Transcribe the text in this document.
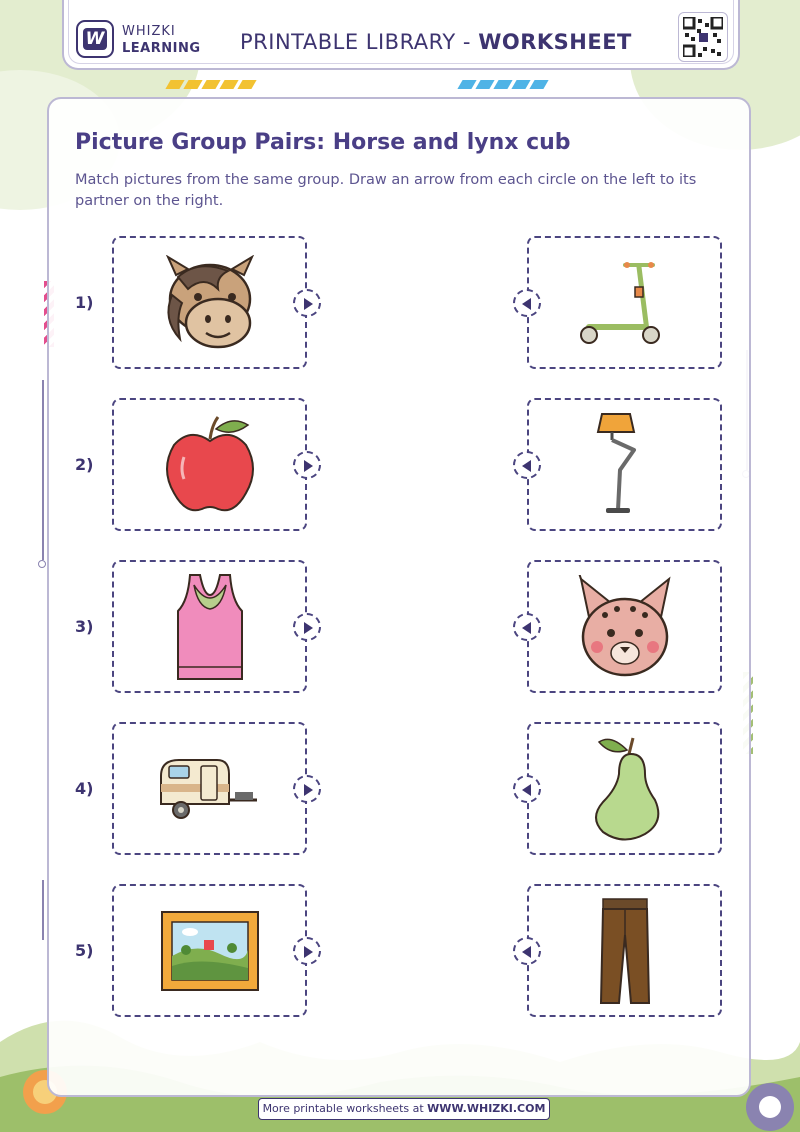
W WHIZKI
LEARNING PRINTABLE LIBRARY - WORKSHEET
Picture Group Pairs: Horse and lynx cub
Match pictures from the same group. Draw an arrow from each circle on the left to its partner on the right.
1)
2)
3)
4)
5)
More printable worksheets at WWW.WHIZKI.COM
